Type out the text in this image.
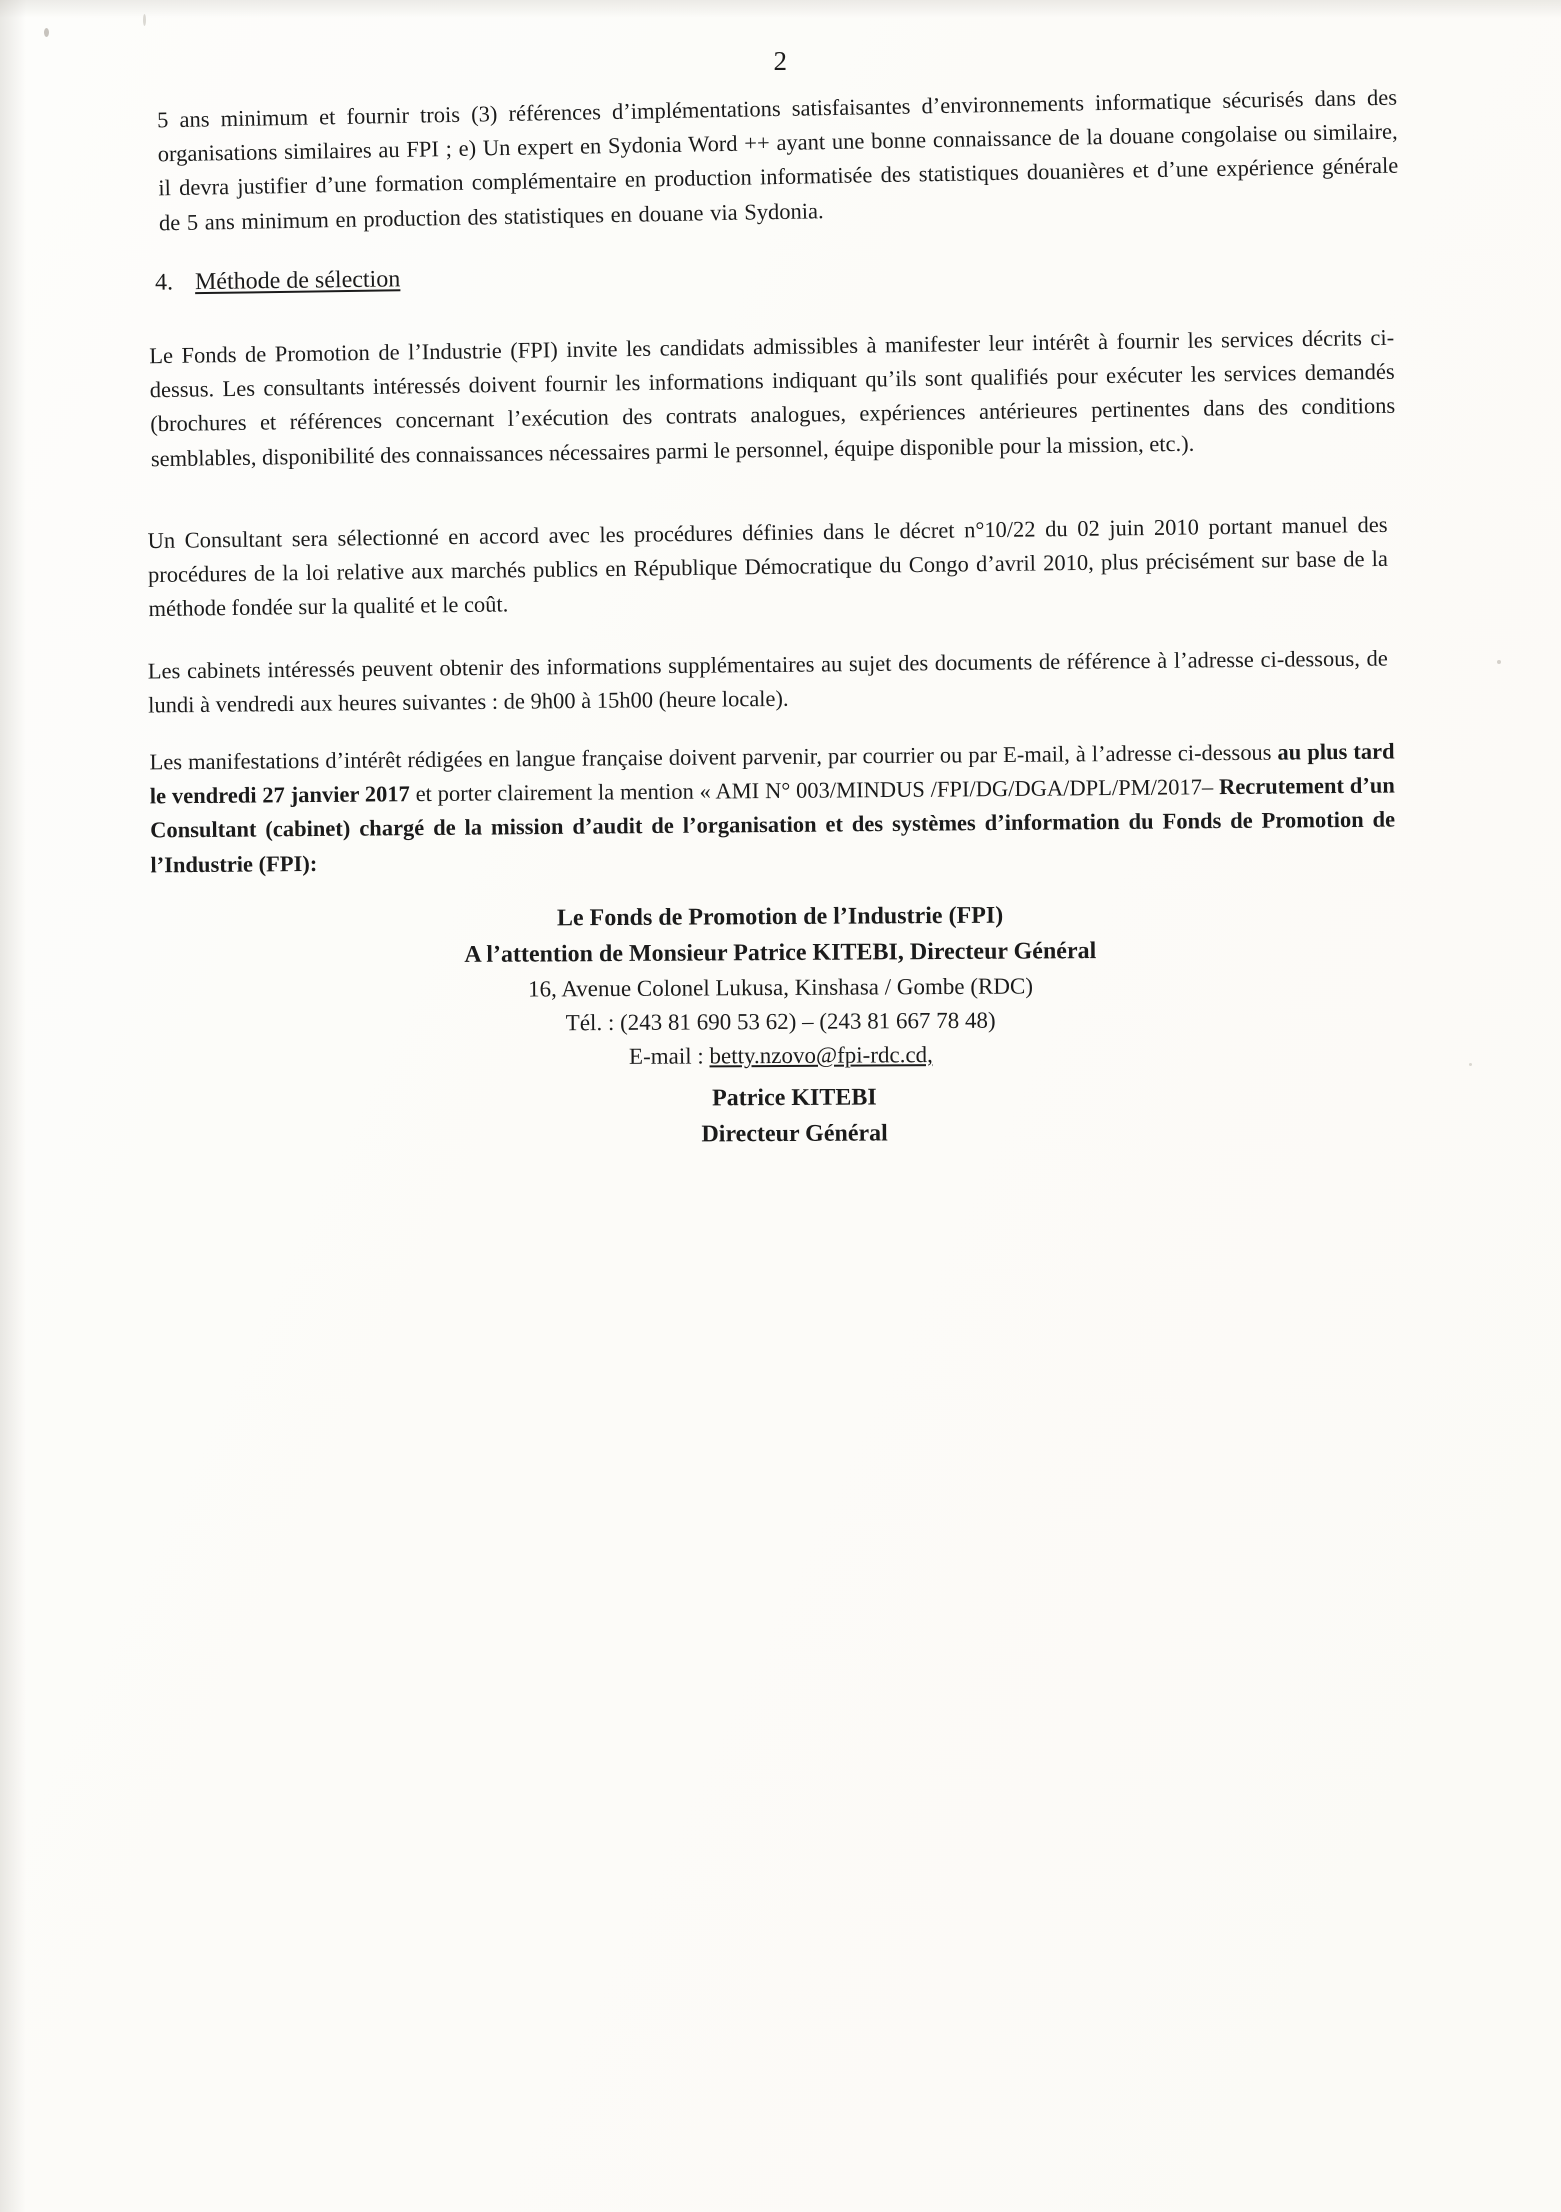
2
5 ans minimum et fournir trois (3) références d’implémentations satisfaisantes d’environnements informatique sécurisés dans des organisations similaires au FPI ; e) Un expert en Sydonia Word ++ ayant une bonne connaissance de la douane congolaise ou similaire, il devra justifier d’une formation complémentaire en production informatisée des statistiques douanières et d’une expérience générale de 5 ans minimum en production des statistiques en douane via Sydonia.
4. Méthode de sélection
Le Fonds de Promotion de l’Industrie (FPI) invite les candidats admissibles à manifester leur intérêt à fournir les services décrits ci-dessus. Les consultants intéressés doivent fournir les informations indiquant qu’ils sont qualifiés pour exécuter les services demandés (brochures et références concernant l’exécution des contrats analogues, expériences antérieures pertinentes dans des conditions semblables, disponibilité des connaissances nécessaires parmi le personnel, équipe disponible pour la mission, etc.).
Un Consultant sera sélectionné en accord avec les procédures définies dans le décret n°10/22 du 02 juin 2010 portant manuel des procédures de la loi relative aux marchés publics en République Démocratique du Congo d’avril 2010, plus précisément sur base de la méthode fondée sur la qualité et le coût.
Les cabinets intéressés peuvent obtenir des informations supplémentaires au sujet des documents de référence à l’adresse ci-dessous, de lundi à vendredi aux heures suivantes : de 9h00 à 15h00 (heure locale).
Les manifestations d’intérêt rédigées en langue française doivent parvenir, par courrier ou par E-mail, à l’adresse ci-dessous au plus tard le vendredi 27 janvier 2017 et porter clairement la mention « AMI N° 003/MINDUS /FPI/DG/DGA/DPL/PM/2017– Recrutement d’un Consultant (cabinet) chargé de la mission d’audit de l’organisation et des systèmes d’information du Fonds de Promotion de l’Industrie (FPI):
Le Fonds de Promotion de l’Industrie (FPI)
A l’attention de Monsieur Patrice KITEBI, Directeur Général
16, Avenue Colonel Lukusa, Kinshasa / Gombe (RDC)
Tél. : (243 81 690 53 62) – (243 81 667 78 48)
E-mail : betty.nzovo@fpi-rdc.cd,
Patrice KITEBI
Directeur Général
